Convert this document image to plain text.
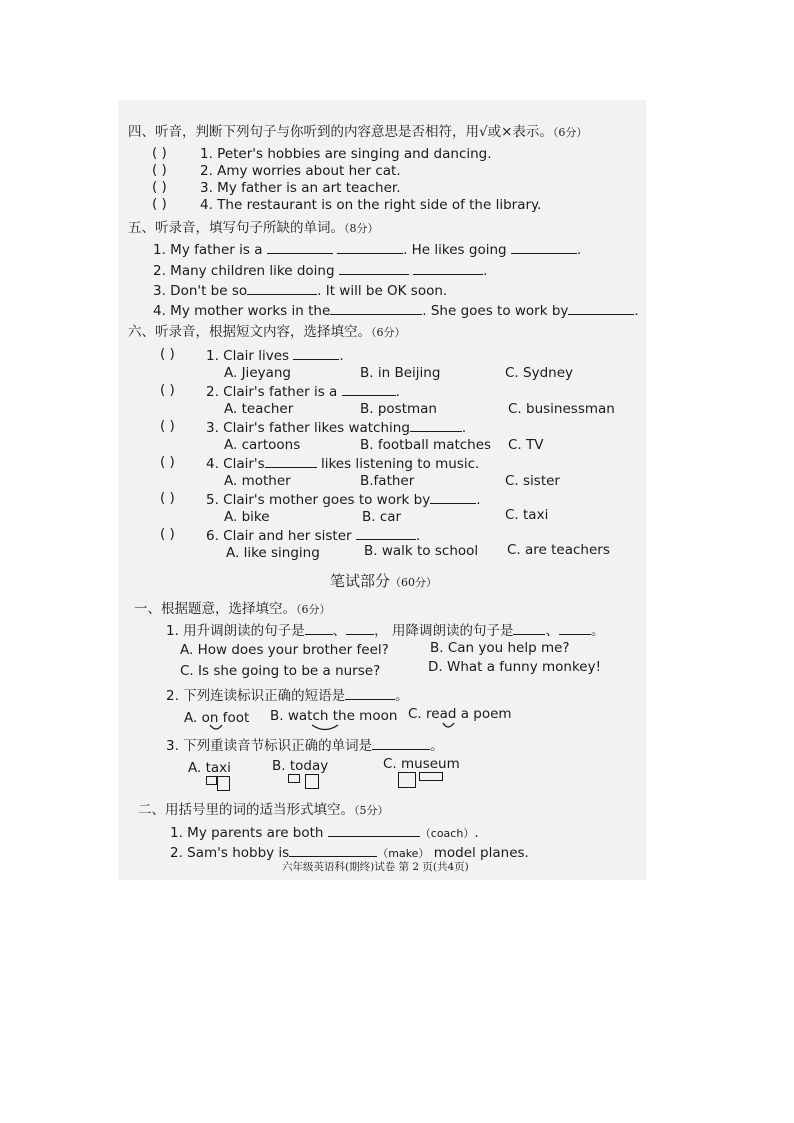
四、听音，判断下列句子与你听到的内容意思是否相符，用√或×表示。（6分）
( ) 1. Peter's hobbies are singing and dancing.
( ) 2. Amy worries about her cat.
( ) 3. My father is an art teacher.
( ) 4. The restaurant is on the right side of the library.
五、听录音，填写句子所缺的单词。（8分）
1. My father is a	. He likes going	.
2. Many children like doing	.
3. Don't be so	. It will be OK soon.
4. My mother works in the	. She goes to work by	.
六、听录音，根据短文内容，选择填空。（6分）
( ) 1. Clair lives	.
A. Jieyang	B. in Beijing	C. Sydney
( ) 2. Clair's father is a	.
A. teacher	B. postman	C. businessman
( ) 3. Clair's father likes watching	.
A. cartoons	B. football matches C. TV
( ) 4. Clair's	likes listening to music.
A. mother	B.father	C. sister
( ) 5. Clair's mother goes to work by	.
A. bike	B. car	C. taxi
( ) 6. Clair and her sister	.
A. like singing	B. walk to school C. are teachers
笔试部分（60分）
一、根据题意，选择填空。（6分）
1. 用升调朗读的句子是 、 ， 用降调朗读的句子是 、 。
A. How does your brother feel?	B. Can you help me?
C. Is she going to be a nurse?	D. What a funny monkey!
2. 下列连读标识正确的短语是	。
A. on foot B. watch the moon C. read a poem
3. 下列重读音节标识正确的单词是	。
A. taxi	B. today	C. museum
二、用括号里的词的适当形式填空。（5分）
1. My parents are both	（coach）.
2. Sam's hobby is	（make） model planes.
六年级英语科(期终)试卷 第 2 页(共4页)
